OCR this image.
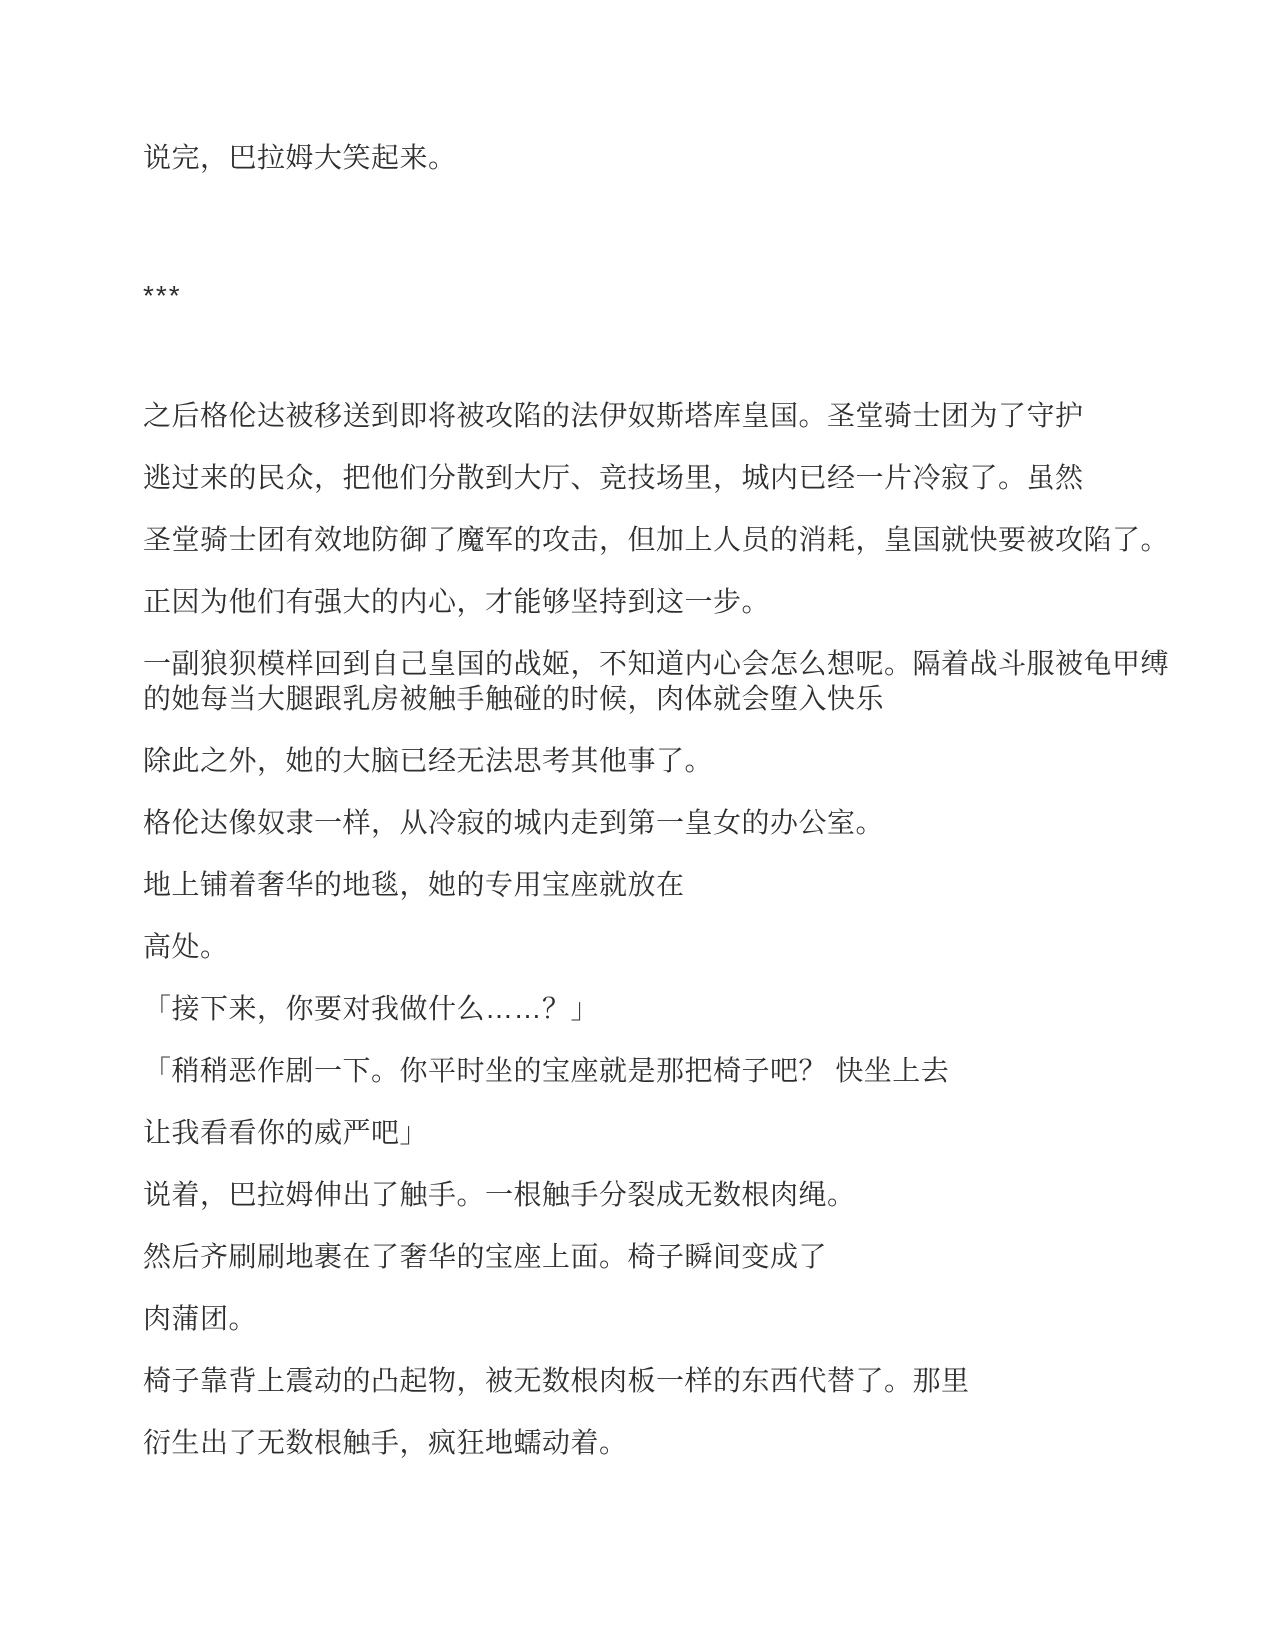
说完，巴拉姆大笑起来。

***

之后格伦达被移送到即将被攻陷的法伊奴斯塔库皇国。圣堂骑士团为了守护

逃过来的民众，把他们分散到大厅、竞技场里，城内已经一片冷寂了。虽然

圣堂骑士团有效地防御了魔军的攻击，但加上人员的消耗，皇国就快要被攻陷了。

正因为他们有强大的内心，才能够坚持到这一步。

一副狼狈模样回到自己皇国的战姬，不知道内心会怎么想呢。隔着战斗服被龟甲缚

的她每当大腿跟乳房被触手触碰的时候，肉体就会堕入快乐

除此之外，她的大脑已经无法思考其他事了。

格伦达像奴隶一样，从冷寂的城内走到第一皇女的办公室。

地上铺着奢华的地毯，她的专用宝座就放在

高处。

「接下来，你要对我做什么……？」

「稍稍恶作剧一下。你平时坐的宝座就是那把椅子吧？ 快坐上去

让我看看你的威严吧」

说着，巴拉姆伸出了触手。一根触手分裂成无数根肉绳。

然后齐刷刷地裹在了奢华的宝座上面。椅子瞬间变成了

肉蒲团。

椅子靠背上震动的凸起物，被无数根肉板一样的东西代替了。那里

衍生出了无数根触手，疯狂地蠕动着。
